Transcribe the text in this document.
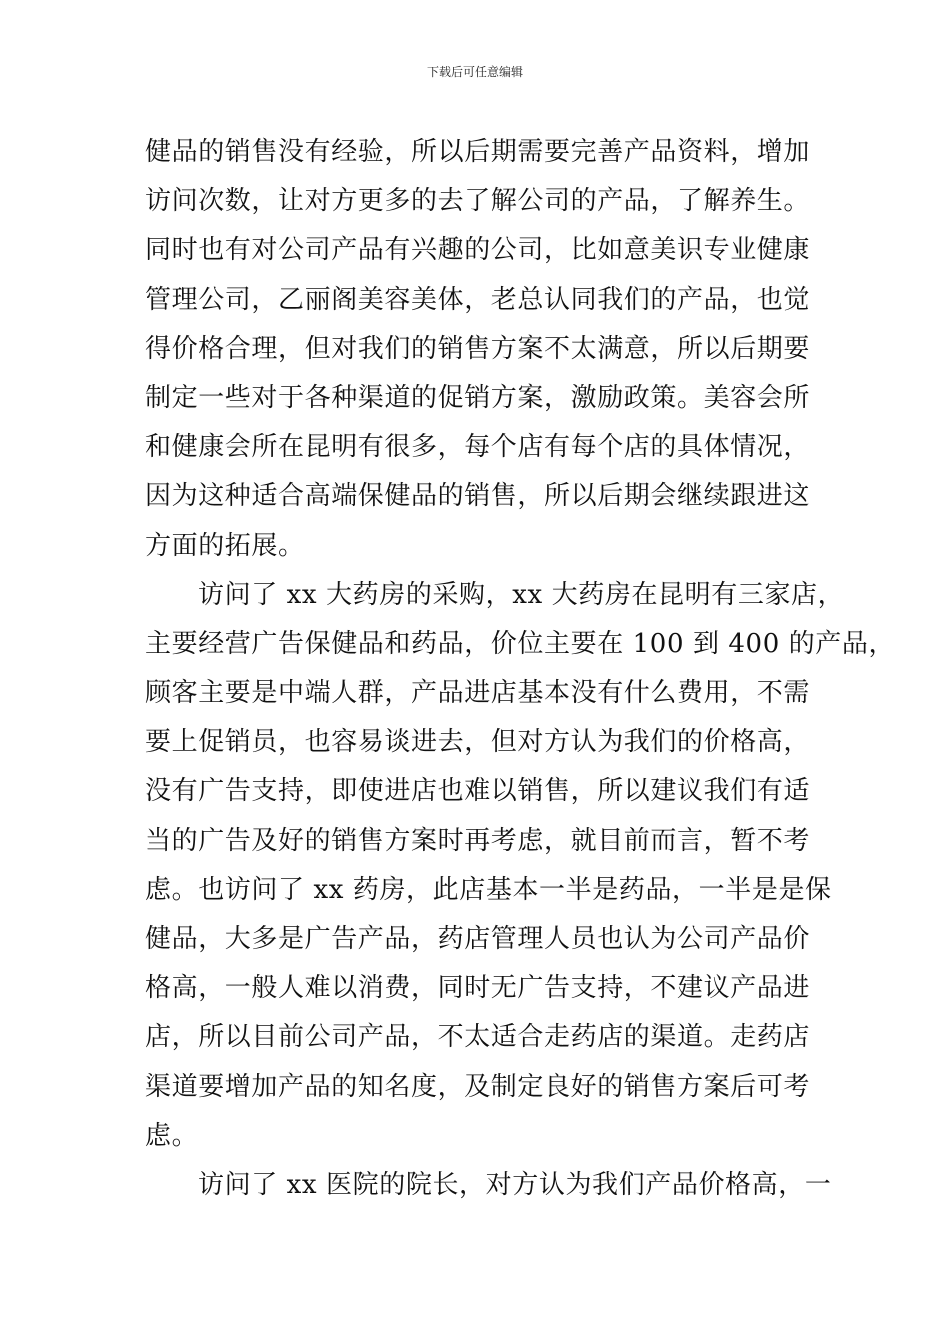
下载后可任意编辑
健品的销售没有经验，所以后期需要完善产品资料，增加
访问次数，让对方更多的去了解公司的产品，了解养生。
同时也有对公司产品有兴趣的公司，比如意美识专业健康
管理公司，乙丽阁美容美体，老总认同我们的产品，也觉
得价格合理，但对我们的销售方案不太满意，所以后期要
制定一些对于各种渠道的促销方案，激励政策。美容会所
和健康会所在昆明有很多，每个店有每个店的具体情况，
因为这种适合高端保健品的销售，所以后期会继续跟进这
方面的拓展。
访问了 xx 大药房的采购，xx 大药房在昆明有三家店，
主要经营广告保健品和药品，价位主要在 100 到 400 的产品，
顾客主要是中端人群，产品进店基本没有什么费用，不需
要上促销员，也容易谈进去，但对方认为我们的价格高，
没有广告支持，即使进店也难以销售，所以建议我们有适
当的广告及好的销售方案时再考虑，就目前而言，暂不考
虑。也访问了 xx 药房，此店基本一半是药品，一半是是保
健品，大多是广告产品，药店管理人员也认为公司产品价
格高，一般人难以消费，同时无广告支持，不建议产品进
店，所以目前公司产品，不太适合走药店的渠道。走药店
渠道要增加产品的知名度，及制定良好的销售方案后可考
虑。
访问了 xx 医院的院长，对方认为我们产品价格高，一
